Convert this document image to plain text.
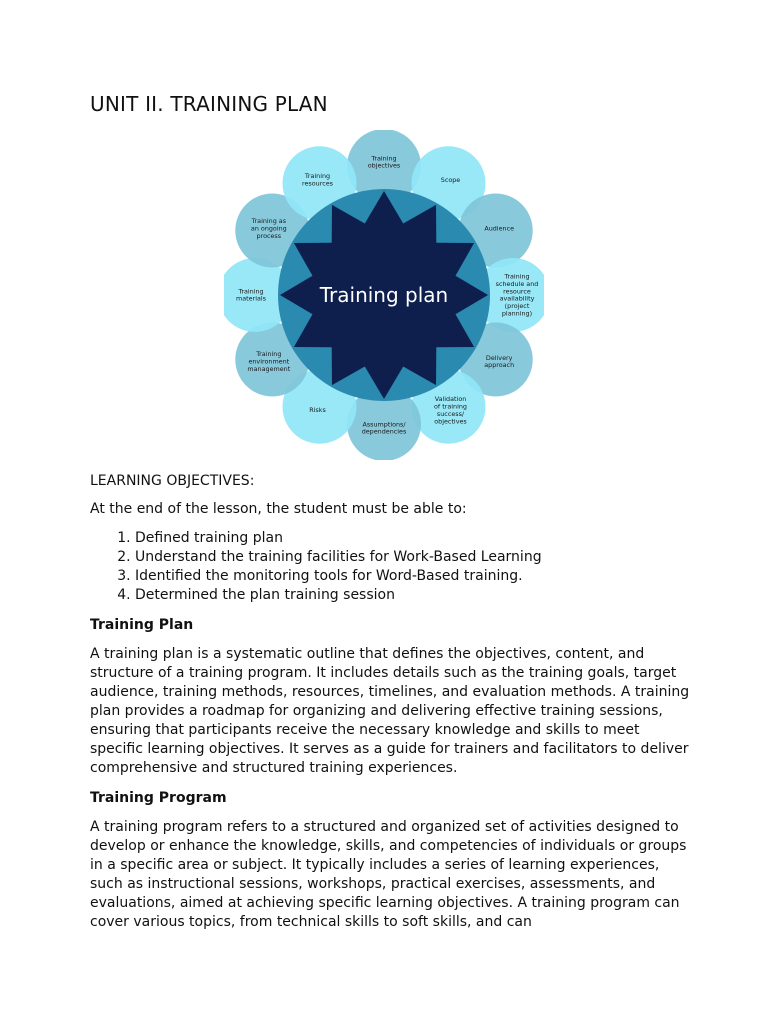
UNIT II. TRAINING PLAN
Training objectives
Scope
Audience
Training schedule and resource availability (project planning)
Delivery approach
Validation of training success/ objectives
Assumptions/ dependencies
Risks
Training environment management
Training materials
Training as an ongoing process
Training resources
Training plan

LEARNING OBJECTIVES:

At the end of the lesson, the student must be able to:

1. Defined training plan
2. Understand the training facilities for Work-Based Learning
3. Identified the monitoring tools for Word-Based training.
4. Determined the plan training session

Training Plan

A training plan is a systematic outline that defines the objectives, content, and structure of a training program. It includes details such as the training goals, target audience, training methods, resources, timelines, and evaluation methods. A training plan provides a roadmap for organizing and delivering effective training sessions, ensuring that participants receive the necessary knowledge and skills to meet specific learning objectives. It serves as a guide for trainers and facilitators to deliver comprehensive and structured training experiences.

Training Program

A training program refers to a structured and organized set of activities designed to develop or enhance the knowledge, skills, and competencies of individuals or groups in a specific area or subject. It typically includes a series of learning experiences, such as instructional sessions, workshops, practical exercises, assessments, and evaluations, aimed at achieving specific learning objectives. A training program can cover various topics, from technical skills to soft skills, and can
